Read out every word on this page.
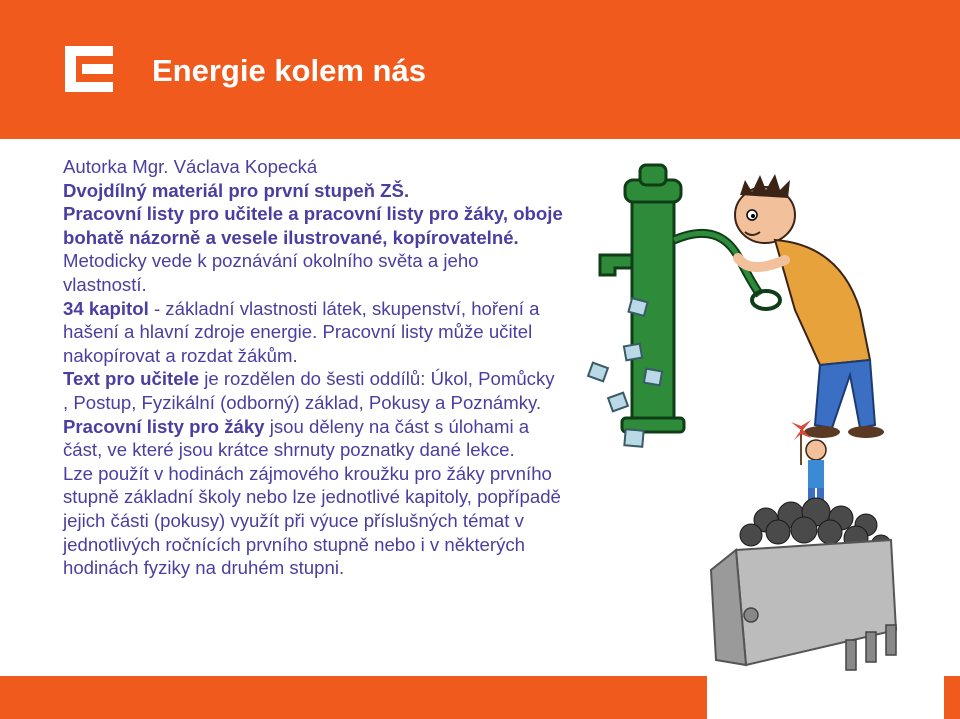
Energie kolem nás

Autorka Mgr. Václava Kopecká

Dvojdílný materiál pro první stupeň ZŠ.

Pracovní listy pro učitele a pracovní listy pro žáky, oboje bohatě názorně a vesele ilustrované, kopírovatelné.

Metodicky vede k poznávání okolního světa a jeho vlastností.

34 kapitol - základní vlastnosti látek, skupenství, hoření a hašení a hlavní zdroje energie. Pracovní listy může učitel nakopírovat a rozdat žákům.

Text pro učitele je rozdělen do šesti oddílů: Úkol, Pomůcky , Postup, Fyzikální (odborný) základ, Pokusy a Poznámky.

Pracovní listy pro žáky jsou děleny na část s úlohami a část, ve které jsou krátce shrnuty poznatky dané lekce.

Lze použít v hodinách zájmového kroužku pro žáky prvního stupně základní školy nebo lze jednotlivé kapitoly, popřípadě jejich části (pokusy) využít při výuce příslušných témat v jednotlivých ročnících prvního stupně nebo i v některých hodinách fyziky na druhém stupni.
